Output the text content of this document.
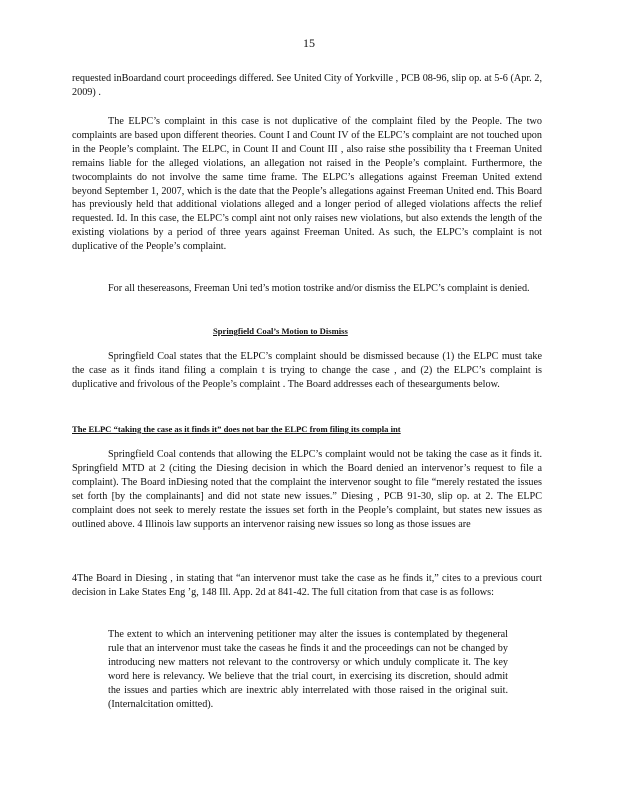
15

requested inBoardand court proceedings differed. See United City of Yorkville , PCB 08-96, slip op. at 5-6 (Apr. 2, 2009) .

The ELPC’s complaint in this case is not duplicative of the complaint filed by the People. The two complaints are based upon different theories. Count I and Count IV of the ELPC’s complaint are not touched upon in the People’s complaint. The ELPC, in Count II and Count III , also raise sthe possibility tha t Freeman United remains liable for the alleged violations, an allegation not raised in the People’s complaint. Furthermore, the twocomplaints do not involve the same time frame. The ELPC’s allegations against Freeman United extend beyond September 1, 2007, which is the date that the People’s allegations against Freeman United end. This Board has previously held that additional violations alleged and a longer period of alleged violations affects the relief requested. Id. In this case, the ELPC’s compl aint not only raises new violations, but also extends the length of the existing violations by a period of three years against Freeman United. As such, the ELPC’s complaint is not duplicative of the People’s complaint.

For all thesereasons, Freeman Uni ted’s motion tostrike and/or dismiss the ELPC’s complaint is denied.

Springfield Coal’s Motion to Dismiss

Springfield Coal states that the ELPC’s complaint should be dismissed because (1) the ELPC must take the case as it finds itand filing a complain t is trying to change the case , and (2) the ELPC’s complaint is duplicative and frivolous of the People’s complaint . The Board addresses each of thesearguments below.

The ELPC “taking the case as it finds it” does not bar the ELPC from filing its compla int

Springfield Coal contends that allowing the ELPC’s complaint would not be taking the case as it finds it. Springfield MTD at 2 (citing the Diesing decision in which the Board denied an intervenor’s request to file a complaint). The Board inDiesing noted that the complaint the intervenor sought to file “merely restated the issues set forth [by the complainants] and did not state new issues.” Diesing , PCB 91-30, slip op. at 2. The ELPC complaint does not seek to merely restate the issues set forth in the People’s complaint, but states new issues as outlined above. 4 Illinois law supports an intervenor raising new issues so long as those issues are

4The Board in Diesing , in stating that “an intervenor must take the case as he finds it,” cites to a previous court decision in Lake States Eng ’g, 148 Ill. App. 2d at 841-42. The full citation from that case is as follows:

The extent to which an intervening petitioner may alter the issues is contemplated by thegeneral rule that an intervenor must take the caseas he finds it and the proceedings can not be changed by introducing new matters not relevant to the controversy or which unduly complicate it. The key word here is relevancy. We believe that the trial court, in exercising its discretion, should admit the issues and parties which are inextric ably interrelated with those raised in the original suit. (Internalcitation omitted).
